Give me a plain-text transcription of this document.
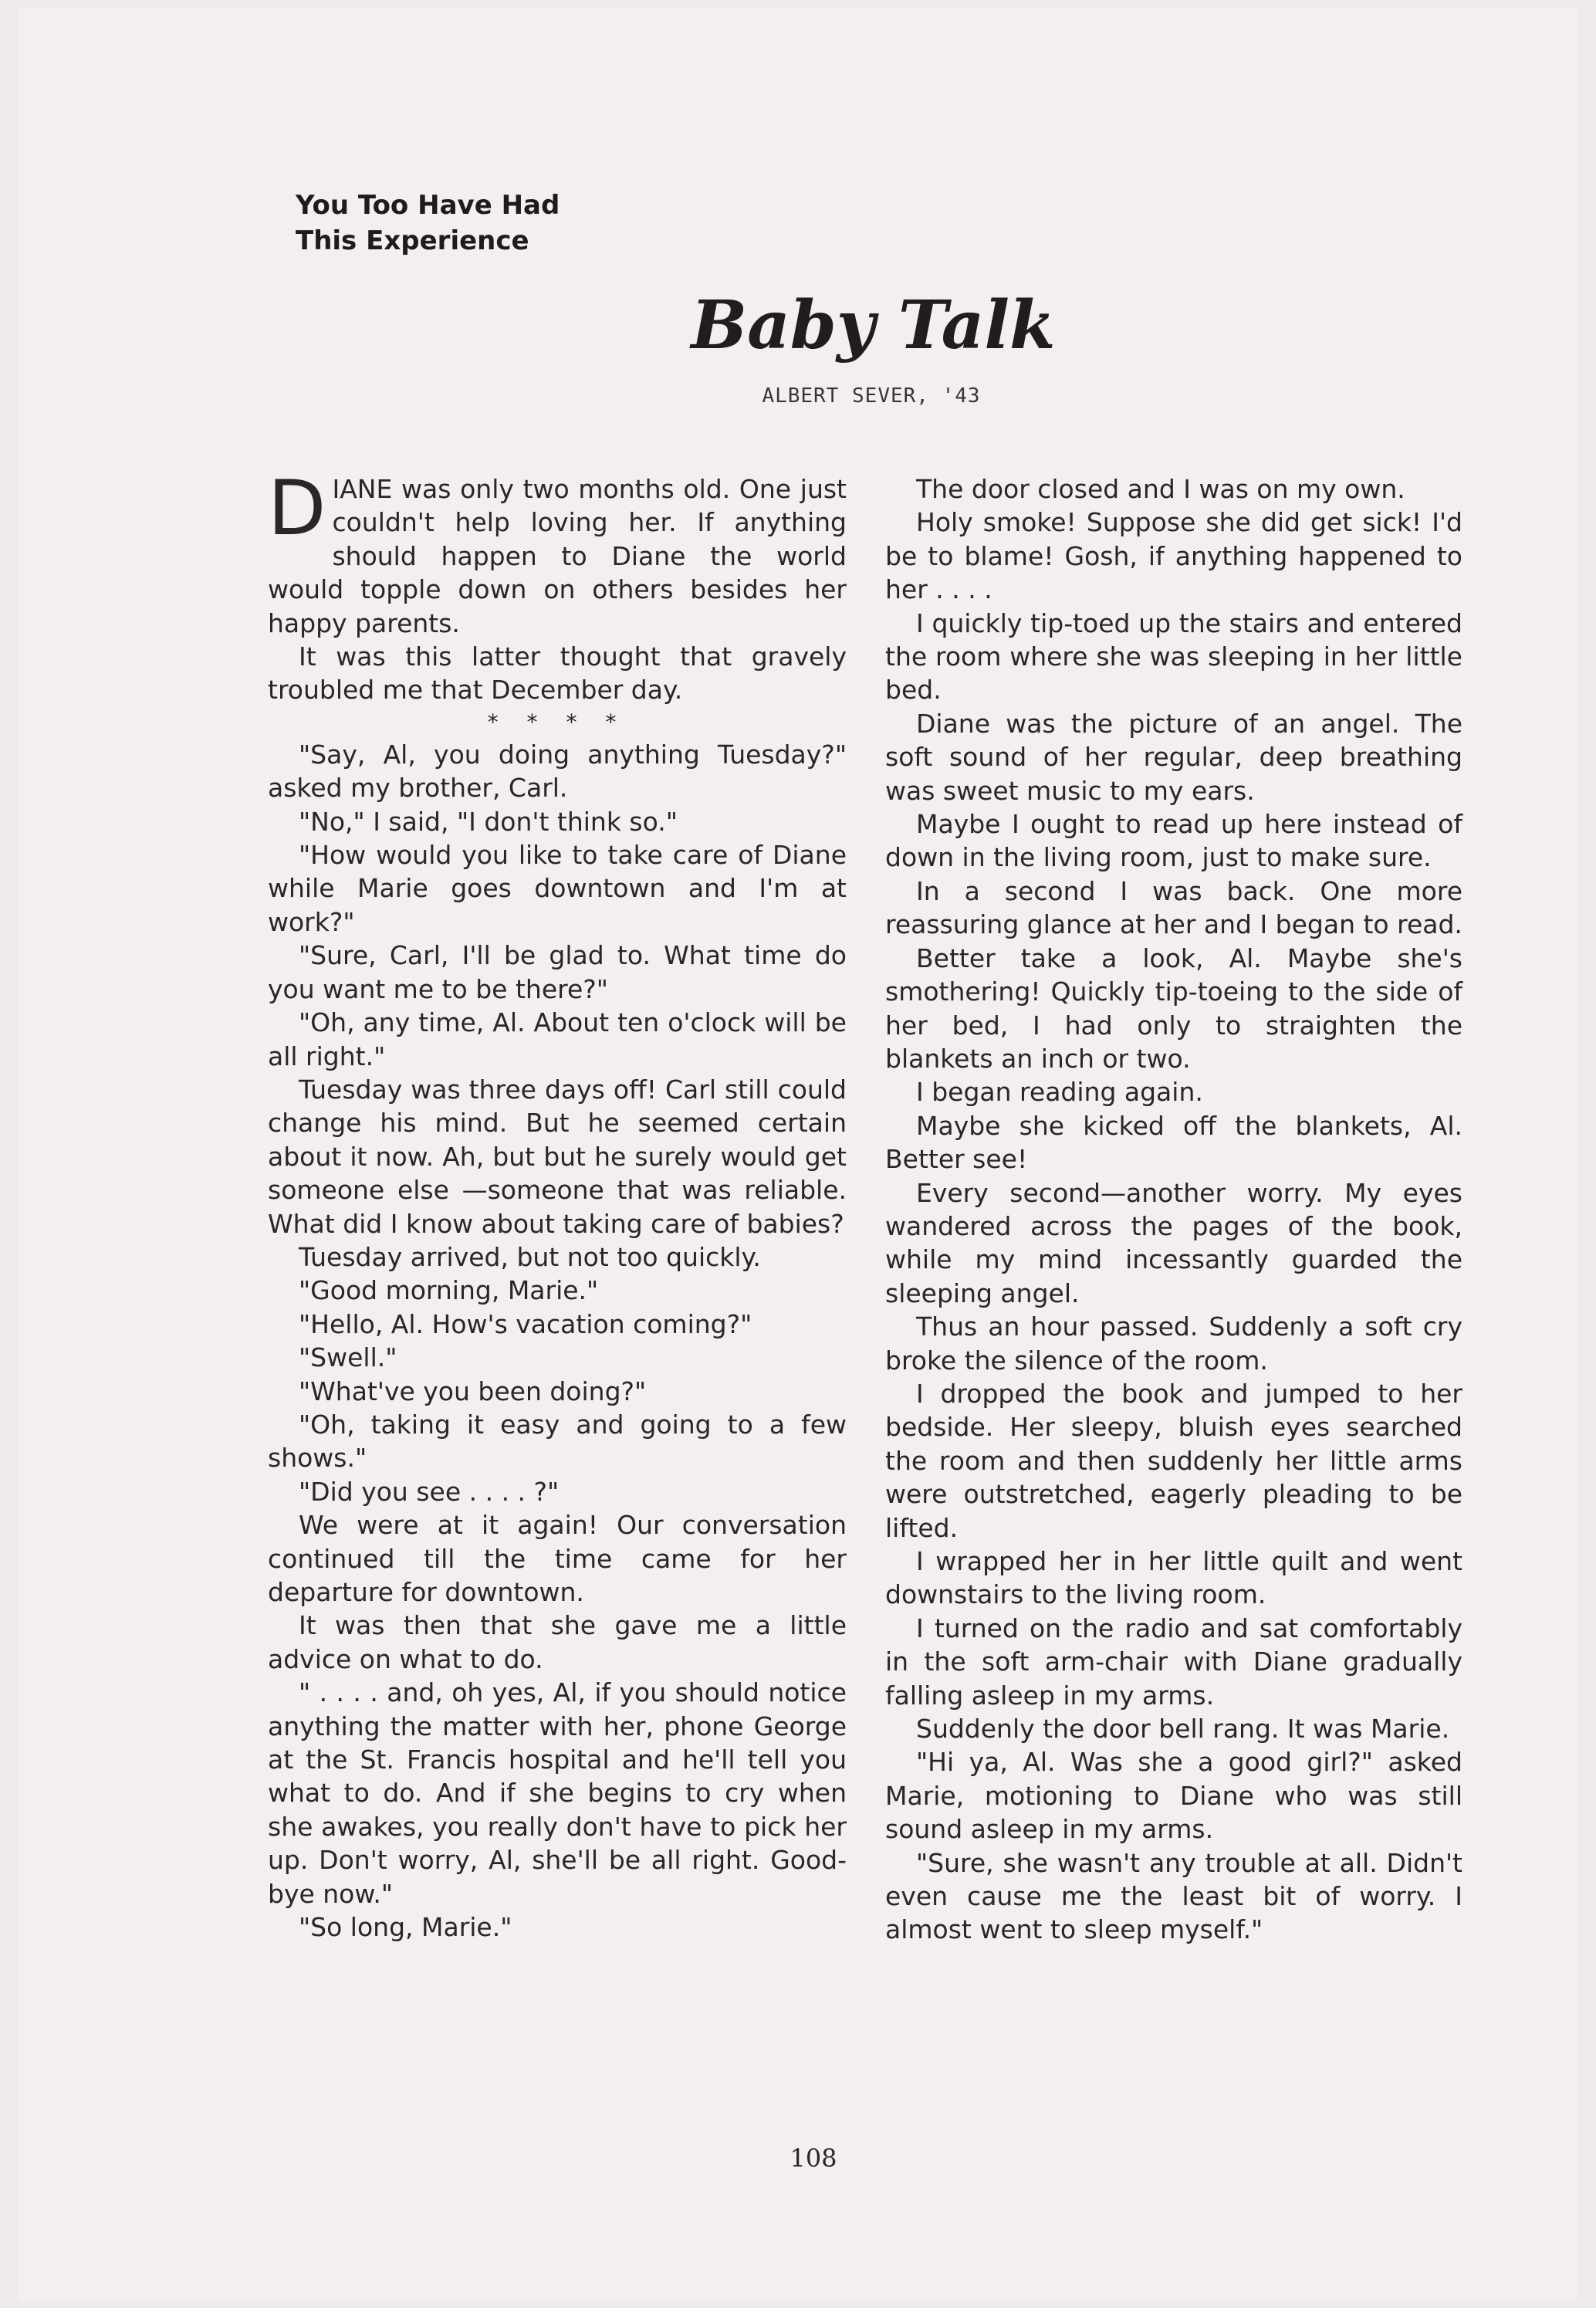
You Too Have Had
This Experience
Baby Talk
ALBERT SEVER, '43

DIANE was only two months old. One just couldn't help loving her. If anything should happen to Diane the world would topple down on others besides her happy parents.

It was this latter thought that gravely troubled me that December day.

* * * *

"Say, Al, you doing anything Tuesday?" asked my brother, Carl.

"No," I said, "I don't think so."

"How would you like to take care of Diane while Marie goes downtown and I'm at work?"

"Sure, Carl, I'll be glad to. What time do you want me to be there?"

"Oh, any time, Al. About ten o'clock will be all right."

Tuesday was three days off! Carl still could change his mind. But he seemed certain about it now. Ah, but but he surely would get someone else —someone that was reliable. What did I know about taking care of babies?

Tuesday arrived, but not too quickly.

"Good morning, Marie."

"Hello, Al. How's vacation coming?"

"Swell."

"What've you been doing?"

"Oh, taking it easy and going to a few shows."

"Did you see . . . . ?"

We were at it again! Our conversation continued till the time came for her departure for downtown.

It was then that she gave me a little advice on what to do.

" . . . . and, oh yes, Al, if you should notice anything the matter with her, phone George at the St. Francis hospital and he'll tell you what to do. And if she begins to cry when she awakes, you really don't have to pick her up. Don't worry, Al, she'll be all right. Good-bye now."

"So long, Marie."

The door closed and I was on my own.

Holy smoke! Suppose she did get sick! I'd be to blame! Gosh, if anything happened to her . . . .

I quickly tip-toed up the stairs and entered the room where she was sleeping in her little bed.

Diane was the picture of an angel. The soft sound of her regular, deep breathing was sweet music to my ears.

Maybe I ought to read up here instead of down in the living room, just to make sure.

In a second I was back. One more reassuring glance at her and I began to read.

Better take a look, Al. Maybe she's smothering! Quickly tip-toeing to the side of her bed, I had only to straighten the blankets an inch or two.

I began reading again.

Maybe she kicked off the blankets, Al. Better see!

Every second—another worry. My eyes wandered across the pages of the book, while my mind incessantly guarded the sleeping angel.

Thus an hour passed. Suddenly a soft cry broke the silence of the room.

I dropped the book and jumped to her bedside. Her sleepy, bluish eyes searched the room and then suddenly her little arms were outstretched, eagerly pleading to be lifted.

I wrapped her in her little quilt and went downstairs to the living room.

I turned on the radio and sat comfortably in the soft arm-chair with Diane gradually falling asleep in my arms.

Suddenly the door bell rang. It was Marie.

"Hi ya, Al. Was she a good girl?" asked Marie, motioning to Diane who was still sound asleep in my arms.

"Sure, she wasn't any trouble at all. Didn't even cause me the least bit of worry. I almost went to sleep myself."

108
